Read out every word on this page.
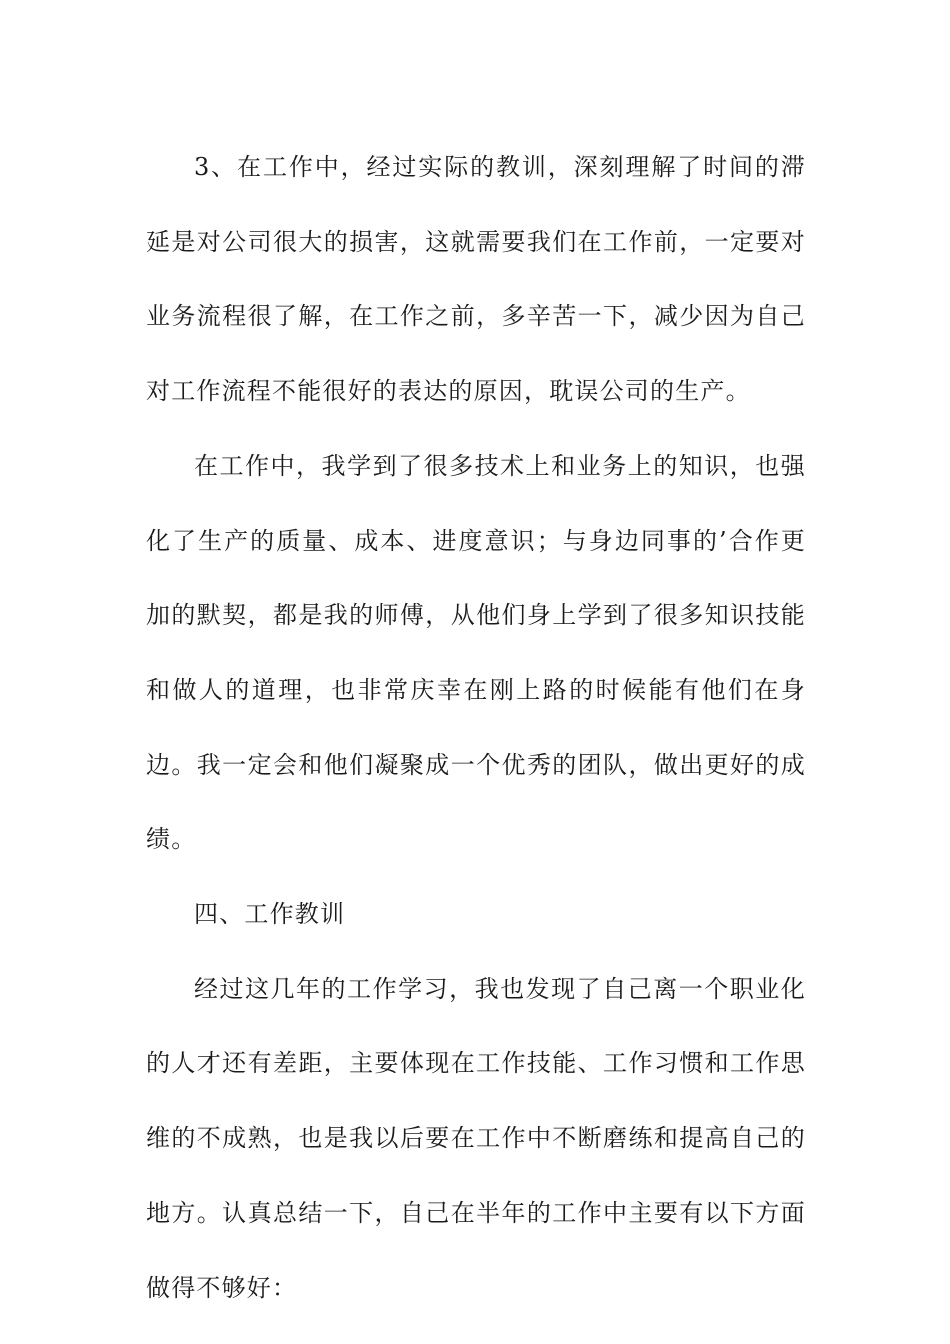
3、在工作中，经过实际的教训，深刻理解了时间的滞延是对公司很大的损害，这就需要我们在工作前，一定要对业务流程很了解，在工作之前，多辛苦一下，减少因为自己对工作流程不能很好的表达的原因，耽误公司的生产。

在工作中，我学到了很多技术上和业务上的知识，也强化了生产的质量、成本、进度意识；与身边同事的’合作更加的默契，都是我的师傅，从他们身上学到了很多知识技能和做人的道理，也非常庆幸在刚上路的时候能有他们在身边。我一定会和他们凝聚成一个优秀的团队，做出更好的成绩。

四、工作教训

经过这几年的工作学习，我也发现了自己离一个职业化的人才还有差距，主要体现在工作技能、工作习惯和工作思维的不成熟，也是我以后要在工作中不断磨练和提高自己的地方。认真总结一下，自己在半年的工作中主要有以下方面做得不够好：
